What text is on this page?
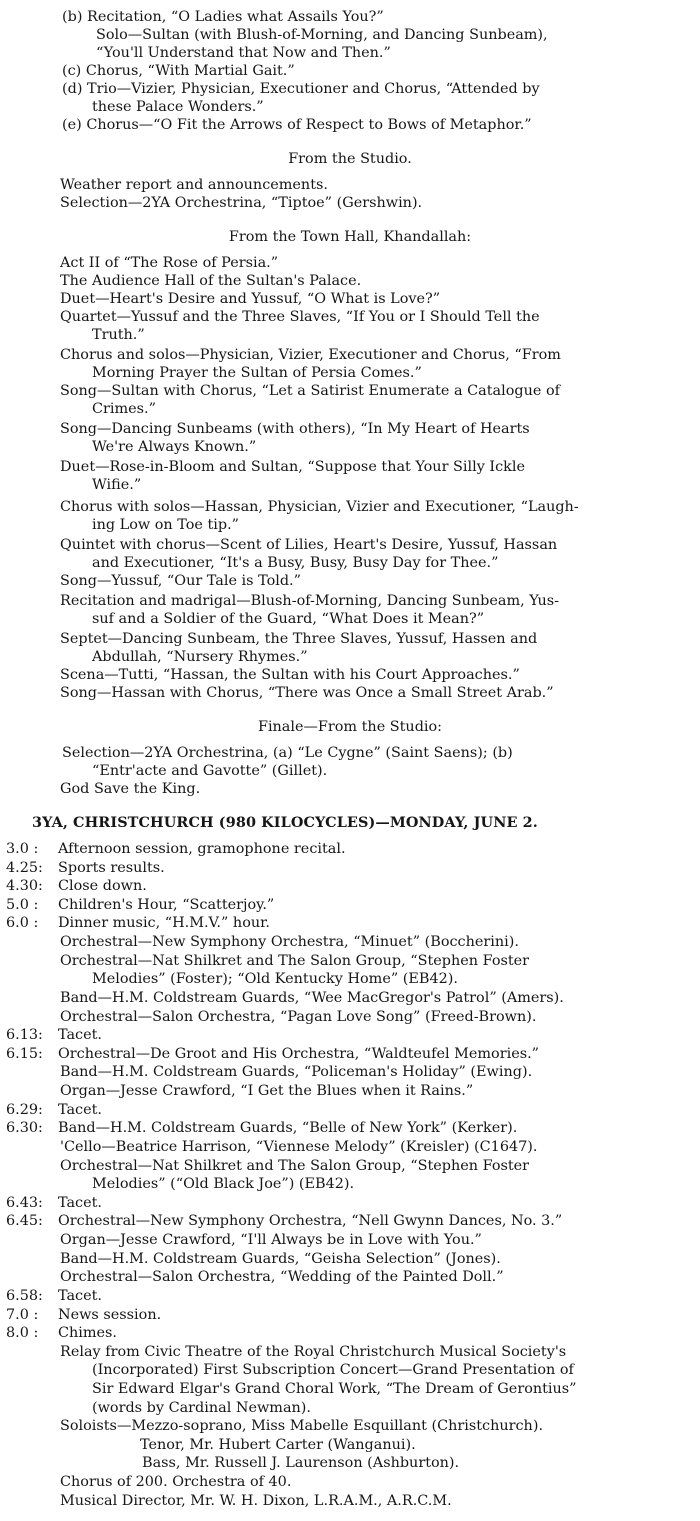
(b) Recitation, “O Ladies what Assails You?”
Solo—Sultan (with Blush-of-Morning, and Dancing Sunbeam),
“You'll Understand that Now and Then.”
(c) Chorus, “With Martial Gait.”
(d) Trio—Vizier, Physician, Executioner and Chorus, “Attended by
these Palace Wonders.”
(e) Chorus—“O Fit the Arrows of Respect to Bows of Metaphor.”
From the Studio.
Weather report and announcements.
Selection—2YA Orchestrina, “Tiptoe” (Gershwin).
From the Town Hall, Khandallah:
Act II of “The Rose of Persia.”
The Audience Hall of the Sultan's Palace.
Duet—Heart's Desire and Yussuf, “O What is Love?”
Quartet—Yussuf and the Three Slaves, “If You or I Should Tell the
Truth.”
Chorus and solos—Physician, Vizier, Executioner and Chorus, “From
Morning Prayer the Sultan of Persia Comes.”
Song—Sultan with Chorus, “Let a Satirist Enumerate a Catalogue of
Crimes.”
Song—Dancing Sunbeams (with others), “In My Heart of Hearts
We're Always Known.”
Duet—Rose-in-Bloom and Sultan, “Suppose that Your Silly Ickle
Wifie.”
Chorus with solos—Hassan, Physician, Vizier and Executioner, “Laugh-
ing Low on Toe tip.”
Quintet with chorus—Scent of Lilies, Heart's Desire, Yussuf, Hassan
and Executioner, “It's a Busy, Busy, Busy Day for Thee.”
Song—Yussuf, “Our Tale is Told.”
Recitation and madrigal—Blush-of-Morning, Dancing Sunbeam, Yus-
suf and a Soldier of the Guard, “What Does it Mean?”
Septet—Dancing Sunbeam, the Three Slaves, Yussuf, Hassen and
Abdullah, “Nursery Rhymes.”
Scena—Tutti, “Hassan, the Sultan with his Court Approaches.”
Song—Hassan with Chorus, “There was Once a Small Street Arab.”
Finale—From the Studio:
Selection—2YA Orchestrina, (a) “Le Cygne” (Saint Saens); (b)
“Entr'acte and Gavotte” (Gillet).
God Save the King.
3YA, CHRISTCHURCH (980 KILOCYCLES)—MONDAY, JUNE 2.
3.0 : Afternoon session, gramophone recital.
4.25: Sports results.
4.30: Close down.
5.0 : Children's Hour, “Scatterjoy.”
6.0 : Dinner music, “H.M.V.” hour.
Orchestral—New Symphony Orchestra, “Minuet” (Boccherini).
Orchestral—Nat Shilkret and The Salon Group, “Stephen Foster
Melodies” (Foster); “Old Kentucky Home” (EB42).
Band—H.M. Coldstream Guards, “Wee MacGregor's Patrol” (Amers).
Orchestral—Salon Orchestra, “Pagan Love Song” (Freed-Brown).
6.13: Tacet.
6.15: Orchestral—De Groot and His Orchestra, “Waldteufel Memories.”
Band—H.M. Coldstream Guards, “Policeman's Holiday” (Ewing).
Organ—Jesse Crawford, “I Get the Blues when it Rains.”
6.29: Tacet.
6.30: Band—H.M. Coldstream Guards, “Belle of New York” (Kerker).
'Cello—Beatrice Harrison, “Viennese Melody” (Kreisler) (C1647).
Orchestral—Nat Shilkret and The Salon Group, “Stephen Foster
Melodies” (“Old Black Joe”) (EB42).
6.43: Tacet.
6.45: Orchestral—New Symphony Orchestra, “Nell Gwynn Dances, No. 3.”
Organ—Jesse Crawford, “I'll Always be in Love with You.”
Band—H.M. Coldstream Guards, “Geisha Selection” (Jones).
Orchestral—Salon Orchestra, “Wedding of the Painted Doll.”
6.58: Tacet.
7.0 : News session.
8.0 : Chimes.
Relay from Civic Theatre of the Royal Christchurch Musical Society's
(Incorporated) First Subscription Concert—Grand Presentation of
Sir Edward Elgar's Grand Choral Work, “The Dream of Gerontius”
(words by Cardinal Newman).
Soloists—Mezzo-soprano, Miss Mabelle Esquillant (Christchurch).
Tenor, Mr. Hubert Carter (Wanganui).
Bass, Mr. Russell J. Laurenson (Ashburton).
Chorus of 200. Orchestra of 40.
Musical Director, Mr. W. H. Dixon, L.R.A.M., A.R.C.M.
